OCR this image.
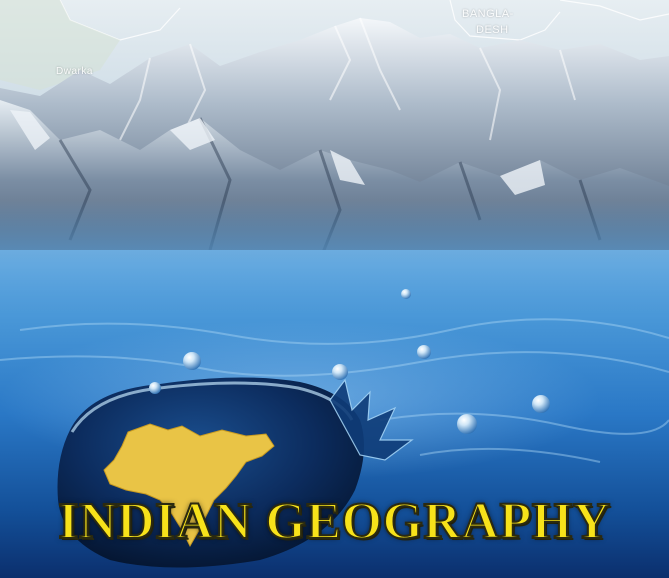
BANGLA-
DESH
Dwarka
INDIAN GEOGRAPHY
